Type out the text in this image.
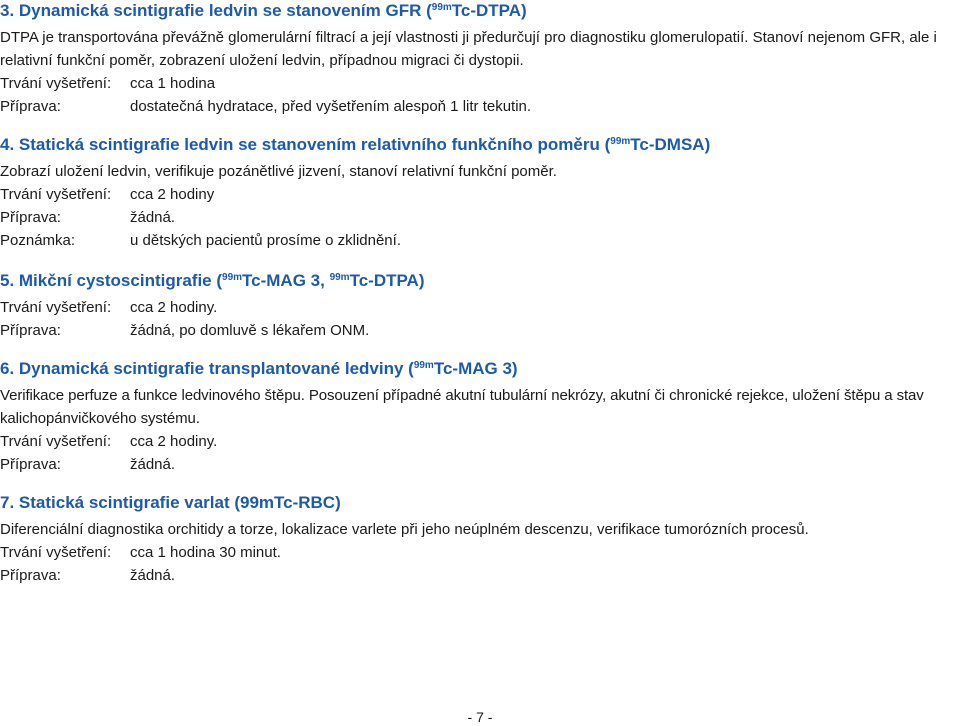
3. Dynamická scintigrafie ledvin se stanovením GFR ($^{99m}$Tc-DTPA)

DTPA je transportována převážně glomerulární filtrací a její vlastnosti ji předurčují pro diagnostiku glomerulopatií. Stanoví nejenom GFR, ale i relativní funkční poměr, zobrazení uložení ledvin, případnou migraci či dystopii.

Trvání vyšetření:	cca 1 hodina
Příprava:	dostatečná hydratace, před vyšetřením alespoň 1 litr tekutin.
4. Statická scintigrafie ledvin se stanovením relativního funkčního poměru ($^{99m}$Tc-DMSA)

Zobrazí uložení ledvin, verifikuje pozánětlivé jizvení, stanoví relativní funkční poměr.

Trvání vyšetření:	cca 2 hodiny
Příprava:	žádná.
Poznámka:	u dětských pacientů prosíme o zklidnění.
5. Mikční cystoscintigrafie ($^{99m}$Tc-MAG 3, $^{99m}$Tc-DTPA)
Trvání vyšetření:	cca 2 hodiny.
Příprava:	žádná, po domluvě s lékařem ONM.
6. Dynamická scintigrafie transplantované ledviny ($^{99m}$Tc-MAG 3)

Verifikace perfuze a funkce ledvinového štěpu. Posouzení případné akutní tubulární nekrózy, akutní či chronické rejekce, uložení štěpu a stav kalichopánvičkového systému.

Trvání vyšetření:	cca 2 hodiny.
Příprava:	žádná.
7. Statická scintigrafie varlat (99mTc-RBC)

Diferenciální diagnostika orchitidy a torze, lokalizace varlete při jeho neúplném descenzu, verifikace tumorózních procesů.

Trvání vyšetření:	cca 1 hodina 30 minut.
Příprava:	žádná.
- 7 -
